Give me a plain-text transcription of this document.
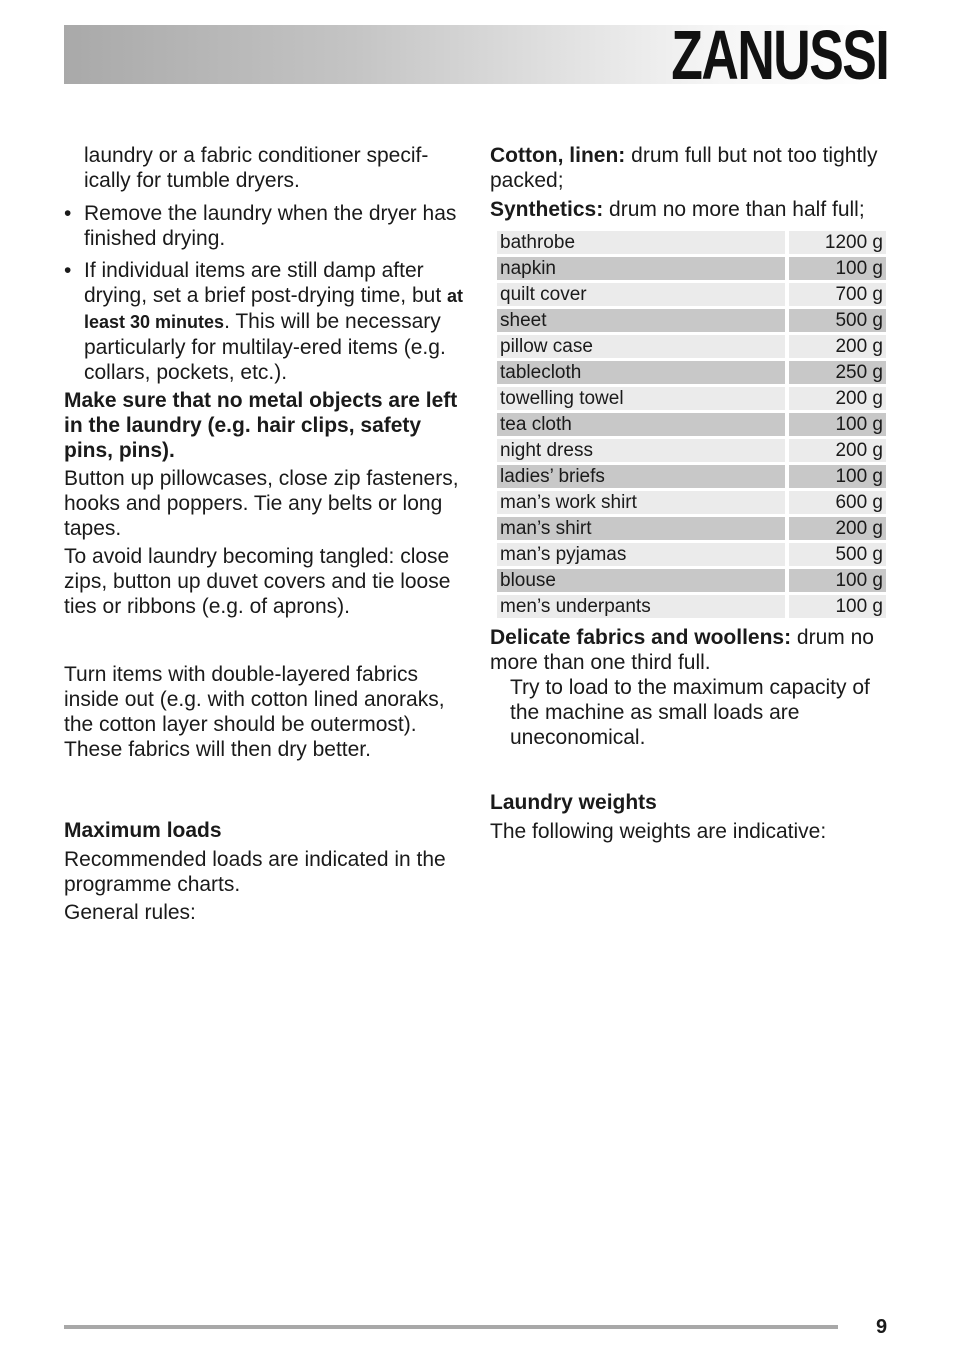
ZANUSSI

laundry or a fabric conditioner specif-ically for tumble dryers.

• Remove the laundry when the dryer has finished drying.
• If individual items are still damp after drying, set a brief post-drying time, but at least 30 minutes. This will be necessary particularly for multilay-ered items (e.g. collars, pockets, etc.).

Make sure that no metal objects are left in the laundry (e.g. hair clips, safety pins, pins).

Button up pillowcases, close zip fasteners, hooks and poppers. Tie any belts or long tapes.

To avoid laundry becoming tangled: close zips, button up duvet covers and tie loose ties or ribbons (e.g. of aprons).

Turn items with double-layered fabrics inside out (e.g. with cotton lined anoraks, the cotton layer should be outermost). These fabrics will then dry better.

Maximum loads

Recommended loads are indicated in the programme charts.

General rules:

Cotton, linen: drum full but not too tightly packed;

Synthetics: drum no more than half full;

bathrobe	1200 g
napkin	100 g
quilt cover	700 g
sheet	500 g
pillow case	200 g
tablecloth	250 g
towelling towel	200 g
tea cloth	100 g
night dress	200 g
ladies’ briefs	100 g
man’s work shirt	600 g
man’s shirt	200 g
man’s pyjamas	500 g
blouse	100 g
men’s underpants	100 g

Delicate fabrics and woollens: drum no more than one third full.

Try to load to the maximum capacity of the machine as small loads are uneconomical.

Laundry weights

The following weights are indicative:

9
